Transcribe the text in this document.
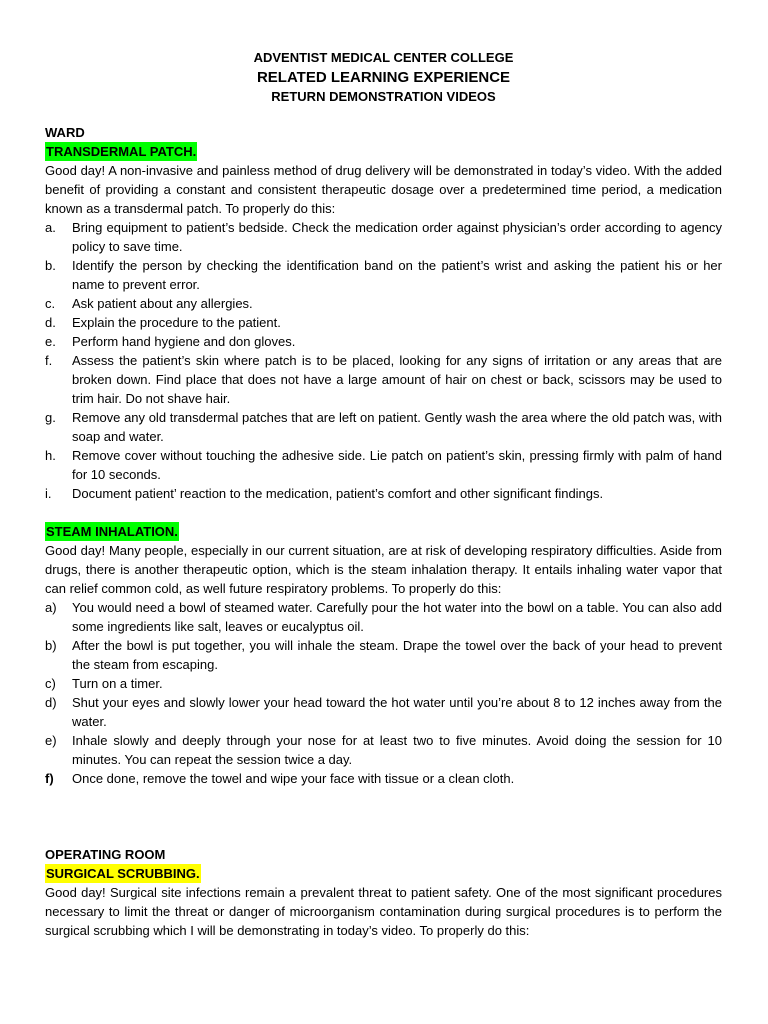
ADVENTIST MEDICAL CENTER COLLEGE
RELATED LEARNING EXPERIENCE
RETURN DEMONSTRATION VIDEOS
WARD
TRANSDERMAL PATCH.
Good day! A non-invasive and painless method of drug delivery will be demonstrated in today’s video. With the added benefit of providing a constant and consistent therapeutic dosage over a predetermined time period, a medication known as a transdermal patch. To properly do this:
a. Bring equipment to patient’s bedside. Check the medication order against physician’s order according to agency policy to save time.
b. Identify the person by checking the identification band on the patient’s wrist and asking the patient his or her name to prevent error.
c. Ask patient about any allergies.
d. Explain the procedure to the patient.
e. Perform hand hygiene and don gloves.
f. Assess the patient’s skin where patch is to be placed, looking for any signs of irritation or any areas that are broken down. Find place that does not have a large amount of hair on chest or back, scissors may be used to trim hair. Do not shave hair.
g. Remove any old transdermal patches that are left on patient. Gently wash the area where the old patch was, with soap and water.
h. Remove cover without touching the adhesive side. Lie patch on patient’s skin, pressing firmly with palm of hand for 10 seconds.
i. Document patient’ reaction to the medication, patient’s comfort and other significant findings.
STEAM INHALATION.
Good day! Many people, especially in our current situation, are at risk of developing respiratory difficulties. Aside from drugs, there is another therapeutic option, which is the steam inhalation therapy. It entails inhaling water vapor that can relief common cold, as well future respiratory problems. To properly do this:
a) You would need a bowl of steamed water. Carefully pour the hot water into the bowl on a table. You can also add some ingredients like salt, leaves or eucalyptus oil.
b) After the bowl is put together, you will inhale the steam. Drape the towel over the back of your head to prevent the steam from escaping.
c) Turn on a timer.
d) Shut your eyes and slowly lower your head toward the hot water until you’re about 8 to 12 inches away from the water.
e) Inhale slowly and deeply through your nose for at least two to five minutes. Avoid doing the session for 10 minutes. You can repeat the session twice a day.
f) Once done, remove the towel and wipe your face with tissue or a clean cloth.
OPERATING ROOM
SURGICAL SCRUBBING.
Good day! Surgical site infections remain a prevalent threat to patient safety. One of the most significant procedures necessary to limit the threat or danger of microorganism contamination during surgical procedures is to perform the surgical scrubbing which I will be demonstrating in today’s video. To properly do this:
